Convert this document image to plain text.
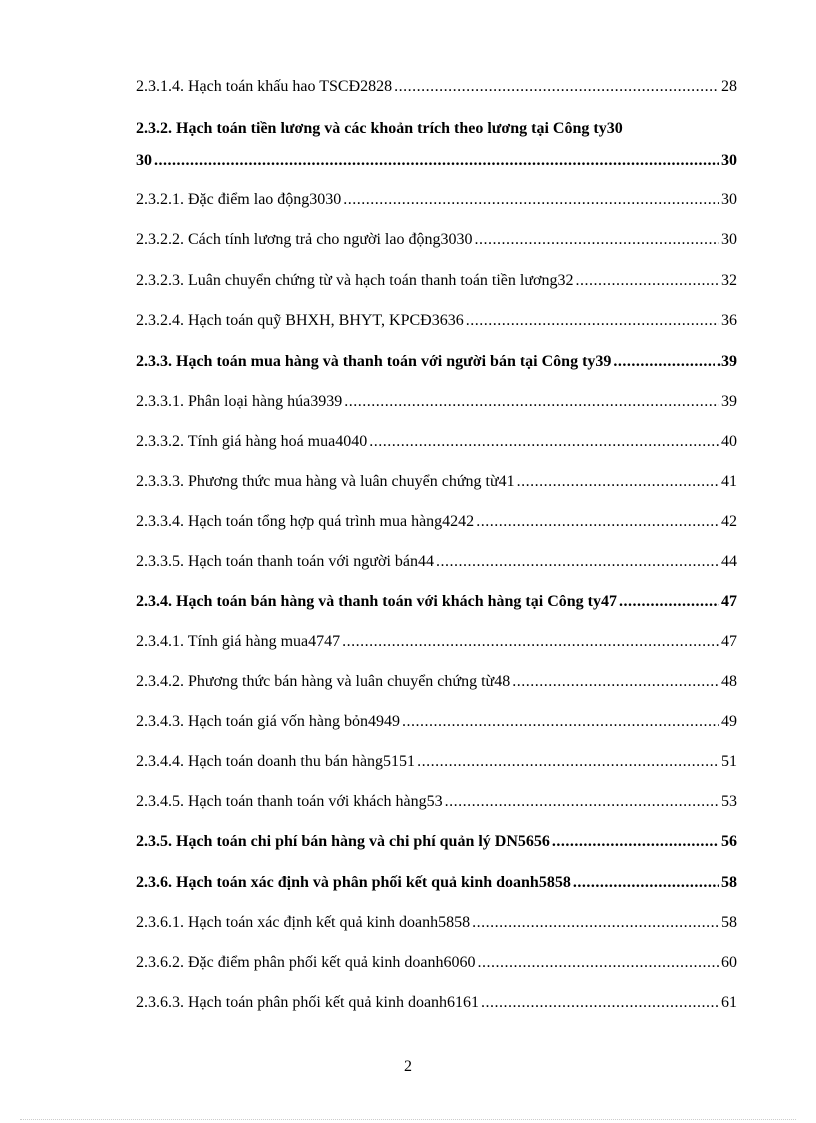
2.3.1.4. Hạch toán khấu hao TSCĐ2828 .....	28
2.3.2. Hạch toán tiền lương và các khoản trích theo lương tại Công ty30
30 .....	30
2.3.2.1. Đặc điểm lao động3030 .....	30
2.3.2.2. Cách tính lương trả cho người lao động3030 .....	30
2.3.2.3. Luân chuyển chứng từ và hạch toán thanh toán tiền lương32 .....	32
2.3.2.4. Hạch toán quỹ BHXH, BHYT, KPCĐ3636 .....	36
2.3.3. Hạch toán mua hàng và thanh toán với người bán tại Công ty39 .....	.39
2.3.3.1. Phân loại hàng húa3939 .....	39
2.3.3.2. Tính giá hàng hoá mua4040 .....	40
2.3.3.3. Phương thức mua hàng và luân chuyển chứng từ41 .....	41
2.3.3.4. Hạch toán tổng hợp quá trình mua hàng4242 .....	42
2.3.3.5. Hạch toán thanh toán với người bán44 .....	44
2.3.4. Hạch toán bán hàng và thanh toán với khách hàng tại Công ty47 .....	47
2.3.4.1. Tính giá hàng mua4747 .....	47
2.3.4.2. Phương thức bán hàng và luân chuyển chứng từ48 .....	48
2.3.4.3. Hạch toán giá vốn hàng bỏn4949 .....	49
2.3.4.4. Hạch toán doanh thu bán hàng5151 .....	51
2.3.4.5. Hạch toán thanh toán với khách hàng53 .....	53
2.3.5. Hạch toán chi phí bán hàng và chi phí quản lý DN5656 .....	56
2.3.6. Hạch toán xác định và phân phối kết quả kinh doanh5858 .....	58
2.3.6.1. Hạch toán xác định kết quả kinh doanh5858 .....	58
2.3.6.2. Đặc điểm phân phối kết quả kinh doanh6060 .....	60
2.3.6.3. Hạch toán phân phối kết quả kinh doanh6161 .....	61
2
